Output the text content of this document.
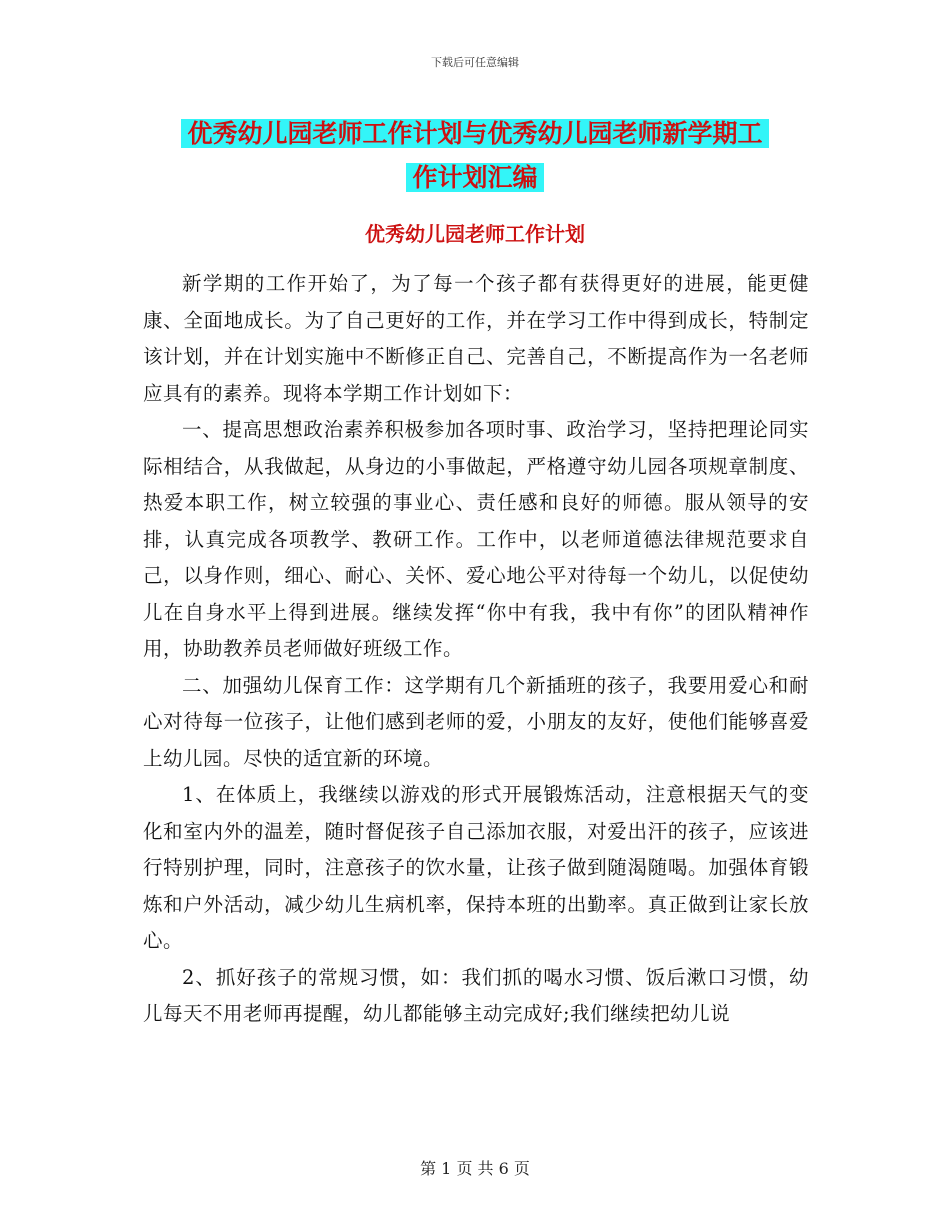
下载后可任意编辑
优秀幼儿园老师工作计划与优秀幼儿园老师新学期工
作计划汇编
优秀幼儿园老师工作计划

新学期的工作开始了，为了每一个孩子都有获得更好的进展，能更健康、全面地成长。为了自己更好的工作，并在学习工作中得到成长，特制定该计划，并在计划实施中不断修正自己、完善自己，不断提高作为一名老师应具有的素养。现将本学期工作计划如下：

一、提高思想政治素养积极参加各项时事、政治学习，坚持把理论同实际相结合，从我做起，从身边的小事做起，严格遵守幼儿园各项规章制度、热爱本职工作，树立较强的事业心、责任感和良好的师德。服从领导的安排，认真完成各项教学、教研工作。工作中，以老师道德法律规范要求自己，以身作则，细心、耐心、关怀、爱心地公平对待每一个幼儿，以促使幼儿在自身水平上得到进展。继续发挥“你中有我，我中有你”的团队精神作用，协助教养员老师做好班级工作。

二、加强幼儿保育工作：这学期有几个新插班的孩子，我要用爱心和耐心对待每一位孩子，让他们感到老师的爱，小朋友的友好，使他们能够喜爱上幼儿园。尽快的适宜新的环境。

1、在体质上，我继续以游戏的形式开展锻炼活动，注意根据天气的变化和室内外的温差，随时督促孩子自己添加衣服，对爱出汗的孩子，应该进行特别护理，同时，注意孩子的饮水量，让孩子做到随渴随喝。加强体育锻炼和户外活动，减少幼儿生病机率，保持本班的出勤率。真正做到让家长放心。

2、抓好孩子的常规习惯，如：我们抓的喝水习惯、饭后漱口习惯，幼儿每天不用老师再提醒，幼儿都能够主动完成好;我们继续把幼儿说

第 1 页 共 6 页
